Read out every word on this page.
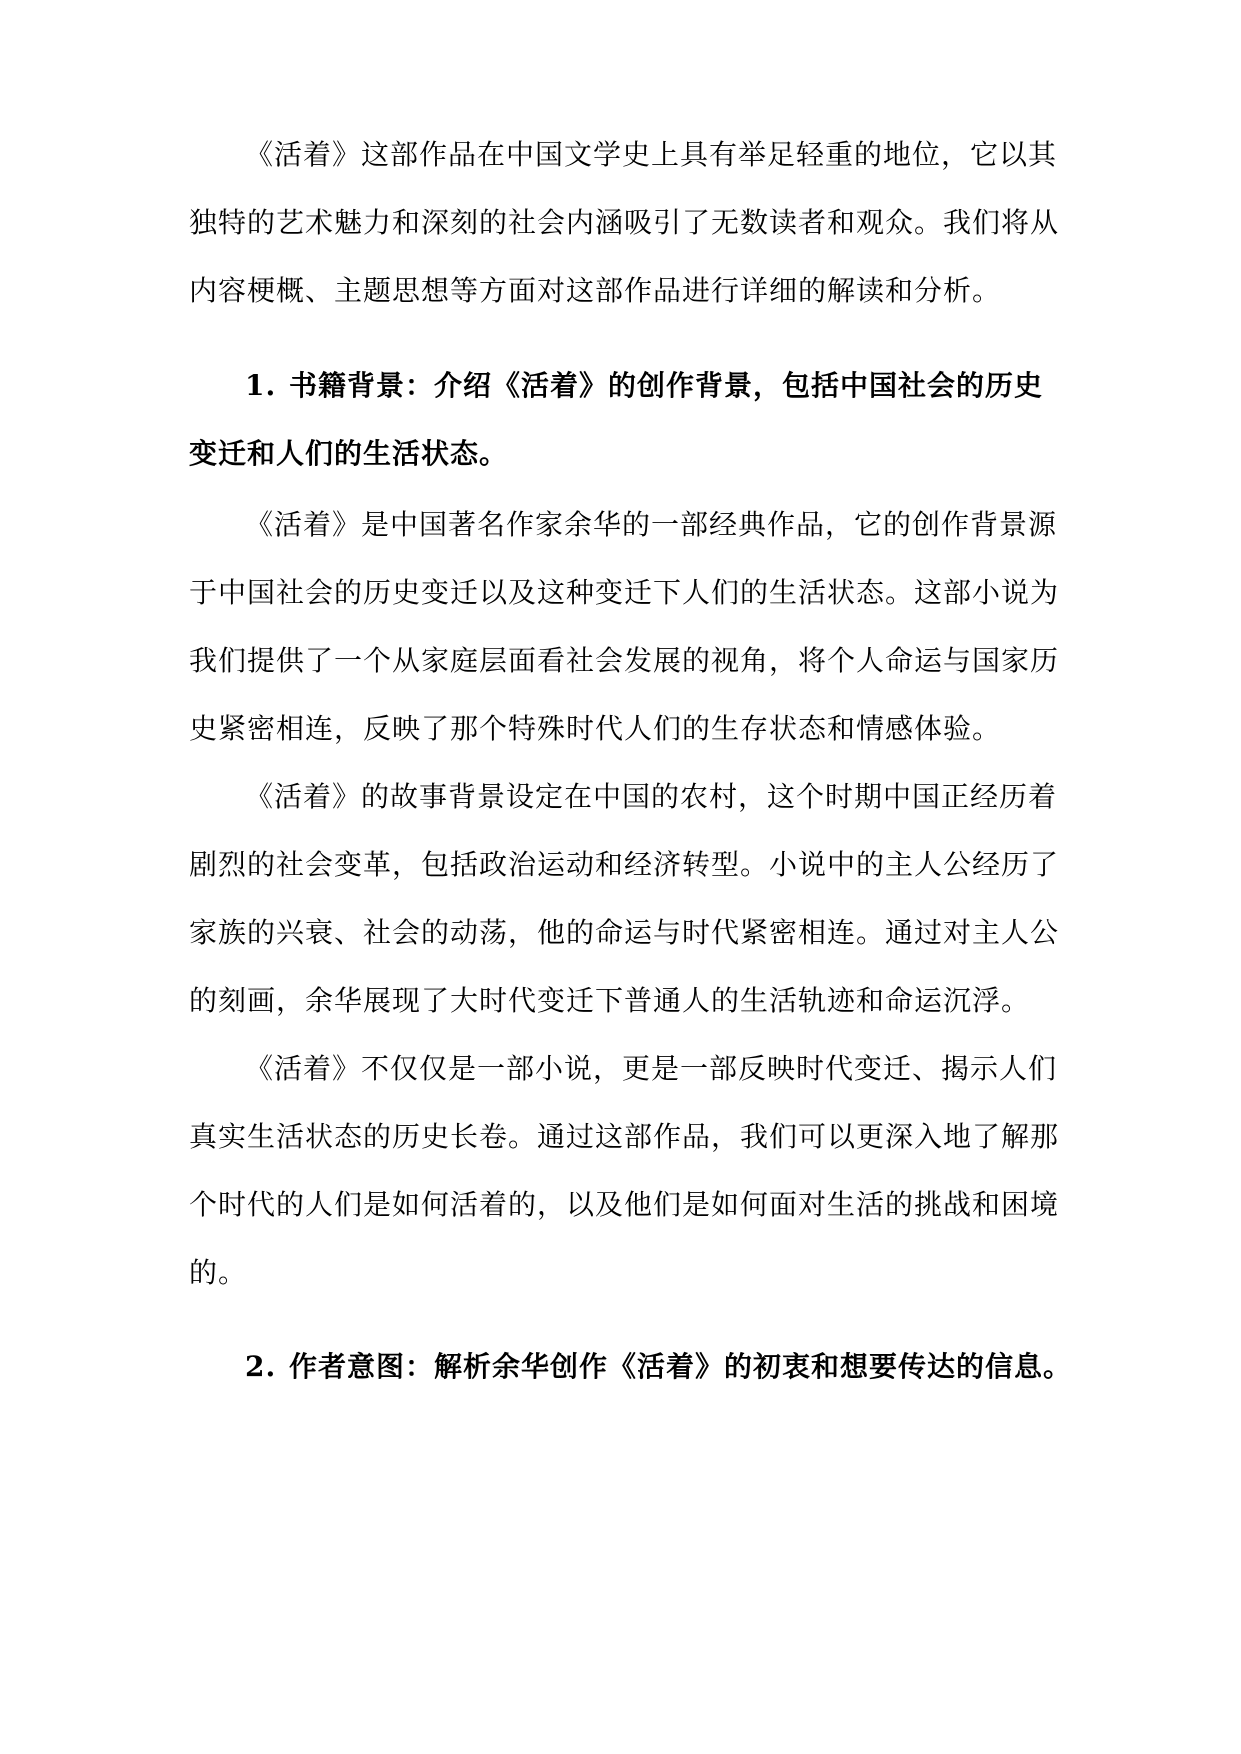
《活着》这部作品在中国文学史上具有举足轻重的地位，它以其
独特的艺术魅力和深刻的社会内涵吸引了无数读者和观众。我们将从
内容梗概、主题思想等方面对这部作品进行详细的解读和分析。
1. 书籍背景：介绍《活着》的创作背景，包括中国社会的历史
变迁和人们的生活状态。
《活着》是中国著名作家余华的一部经典作品，它的创作背景源
于中国社会的历史变迁以及这种变迁下人们的生活状态。这部小说为
我们提供了一个从家庭层面看社会发展的视角，将个人命运与国家历
史紧密相连，反映了那个特殊时代人们的生存状态和情感体验。
《活着》的故事背景设定在中国的农村，这个时期中国正经历着
剧烈的社会变革，包括政治运动和经济转型。小说中的主人公经历了
家族的兴衰、社会的动荡，他的命运与时代紧密相连。通过对主人公
的刻画，余华展现了大时代变迁下普通人的生活轨迹和命运沉浮。
《活着》不仅仅是一部小说，更是一部反映时代变迁、揭示人们
真实生活状态的历史长卷。通过这部作品，我们可以更深入地了解那
个时代的人们是如何活着的，以及他们是如何面对生活的挑战和困境
的。
2. 作者意图：解析余华创作《活着》的初衷和想要传达的信息。
